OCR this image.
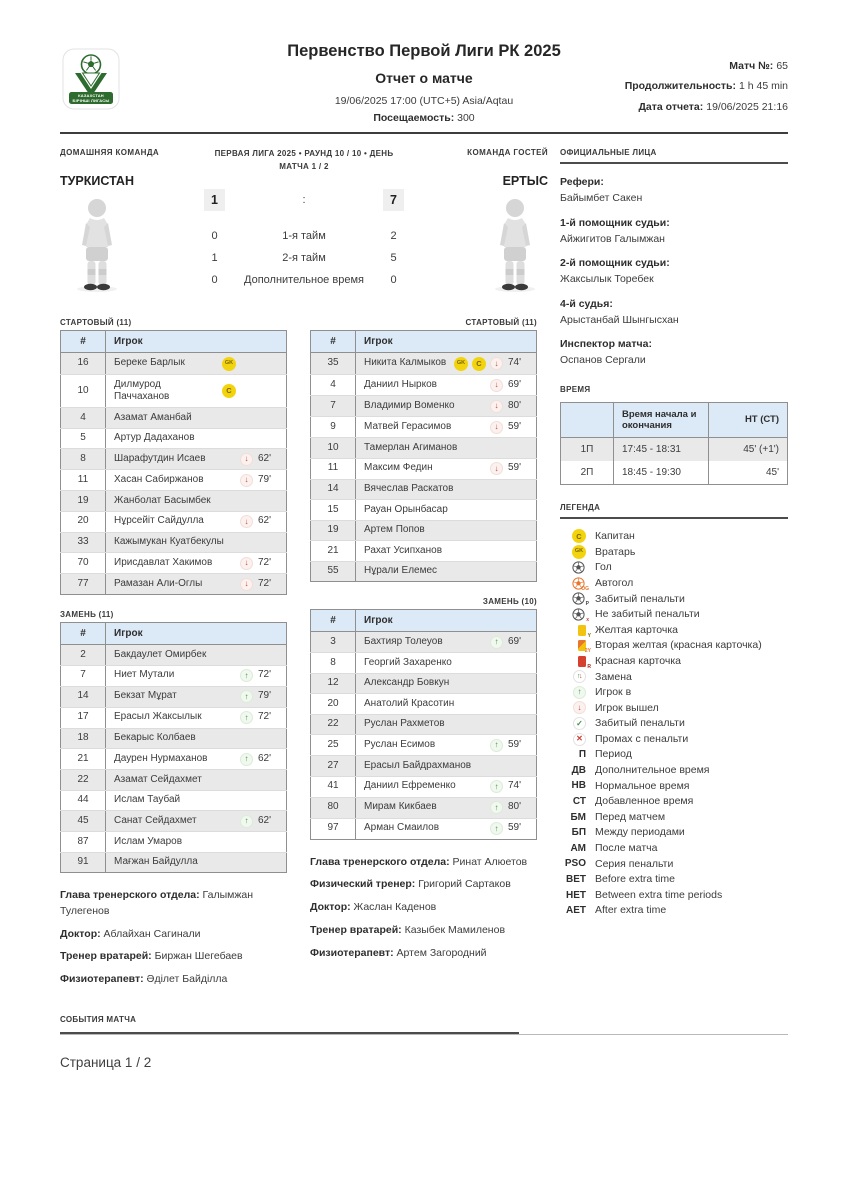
КАЗАХСТАН
БІРІНШІ ЛИГАСЫ
Первенство Первой Лиги РК 2025
Отчет о матче
19/06/2025 17:00 (UTC+5) Asia/Aqtau
Посещаемость: 300
Матч №: 65
Продолжительность: 1 h 45 min
Дата отчета: 19/06/2025 21:16
ДОМАШНЯЯ КОМАНДА
ТУРКИСТАН
ПЕРВАЯ ЛИГА 2025 • РАУНД 10 / 10 • ДЕНЬ МАТЧА 1 / 2
1	:	7
0	1-я тайм	2
1	2-я тайм	5
0	Дополнительное время	0
КОМАНДА ГОСТЕЙ
ЕРТЫС
СТАРТОВЫЙ (11)
#	Игрок
16	Береке Барлык GK

10	Дилмурод Паччаханов
C

4	Азамат Аманбай

5	Артур Дадаханов

8	Шарафутдин Исаев ↓ 62'

11	Хасан Сабиржанов ↓ 79'

19	Жанболат Басымбек

20	Нұрсейіт Сайдулла ↓ 62'

33	Кажымукан Куатбекулы

70	Ирисдавлат Хакимов ↓ 72'

77	Рамазан Али-Оглы ↓ 72'
ЗАМЕНЬ (11)
#	Игрок
2	Бакдаулет Омирбек

7	Ниет Мутали ↑ 72'

14	Бекзат Мұрат ↑ 79'

17	Ерасыл Жаксылык ↑ 72'

18	Бекарыс Колбаев

21	Даурен Нурмаханов ↑ 62'

22	Азамат Сейдахмет

44	Ислам Таубай

45	Санат Сейдахмет ↑ 62'

87	Ислам Умаров

91	Мағжан Байдулла
Глава тренерского отдела: Галымжан Тулегенов
Доктор: Аблайхан Сагинали
Тренер вратарей: Биржан Шегебаев
Физиотерапевт: Әділет Байділла
СТАРТОВЫЙ (11)
#	Игрок
35	Никита Калмыков GK C ↓ 74'

4	Даниил Нырков ↓ 69'

7	Владимир Воменко ↓ 80'

9	Матвей Герасимов ↓ 59'

10	Тамерлан Агиманов

11	Максим Федин ↓ 59'

14	Вячеслав Раскатов

15	Рауан Орынбасар

19	Артем Попов

21	Рахат Усипханов

55	Нұрали Елемес
ЗАМЕНЬ (10)
#	Игрок
3	Бахтияр Толеуов ↑ 69'

8	Георгий Захаренко

12	Александр Бовкун

20	Анатолий Красотин

22	Руслан Рахметов

25	Руслан Есимов ↑ 59'

27	Ерасыл Байдрахманов

41	Даниил Ефременко ↑ 74'

80	Мирам Кикбаев ↑ 80'

97	Арман Смаилов ↑ 59'
Глава тренерского отдела: Ринат Алюетов
Физический тренер: Григорий Сартаков
Доктор: Жаслан Каденов
Тренер вратарей: Казыбек Мамиленов
Физиотерапевт: Артем Загородний
ОФИЦИАЛЬНЫЕ ЛИЦА
Рефери:
Байымбет Сакен
1-й помощник судьи:
Айжигитов Галымжан
2-й помощник судьи:
Жаксылык Торебек
4-й судья:
Арыстанбай Шынгысхан
Инспектор матча:
Оспанов Сергали
ВРЕМЯ
	Время начала и окончания	НТ (СТ)
1П	17:45 - 18:31	45' (+1')
2П	18:45 - 19:30	45'
ЛЕГЕНДА
C	Капитан
GK Вратарь
Гол
OG Автогол
P Забитый пенальти
x Не забитый пенальти
Y Желтая карточка
2Y Вторая желтая (красная карточка)
R Красная карточка
↑ ↓ Замена
↑	Игрок в
↓	Игрок вышел
✓	Забитый пенальти
✕	Промах с пенальти
П Период
ДВ Дополнительное время
НВ Нормальное время
СТ Добавленное время
БМ Перед матчем
БП Между периодами
АМ После матча
PSO Серия пенальти
BET Before extra time
HET Between extra time periods
AET After extra time
СОБЫТИЯ МАТЧА
Страница 1 / 2
